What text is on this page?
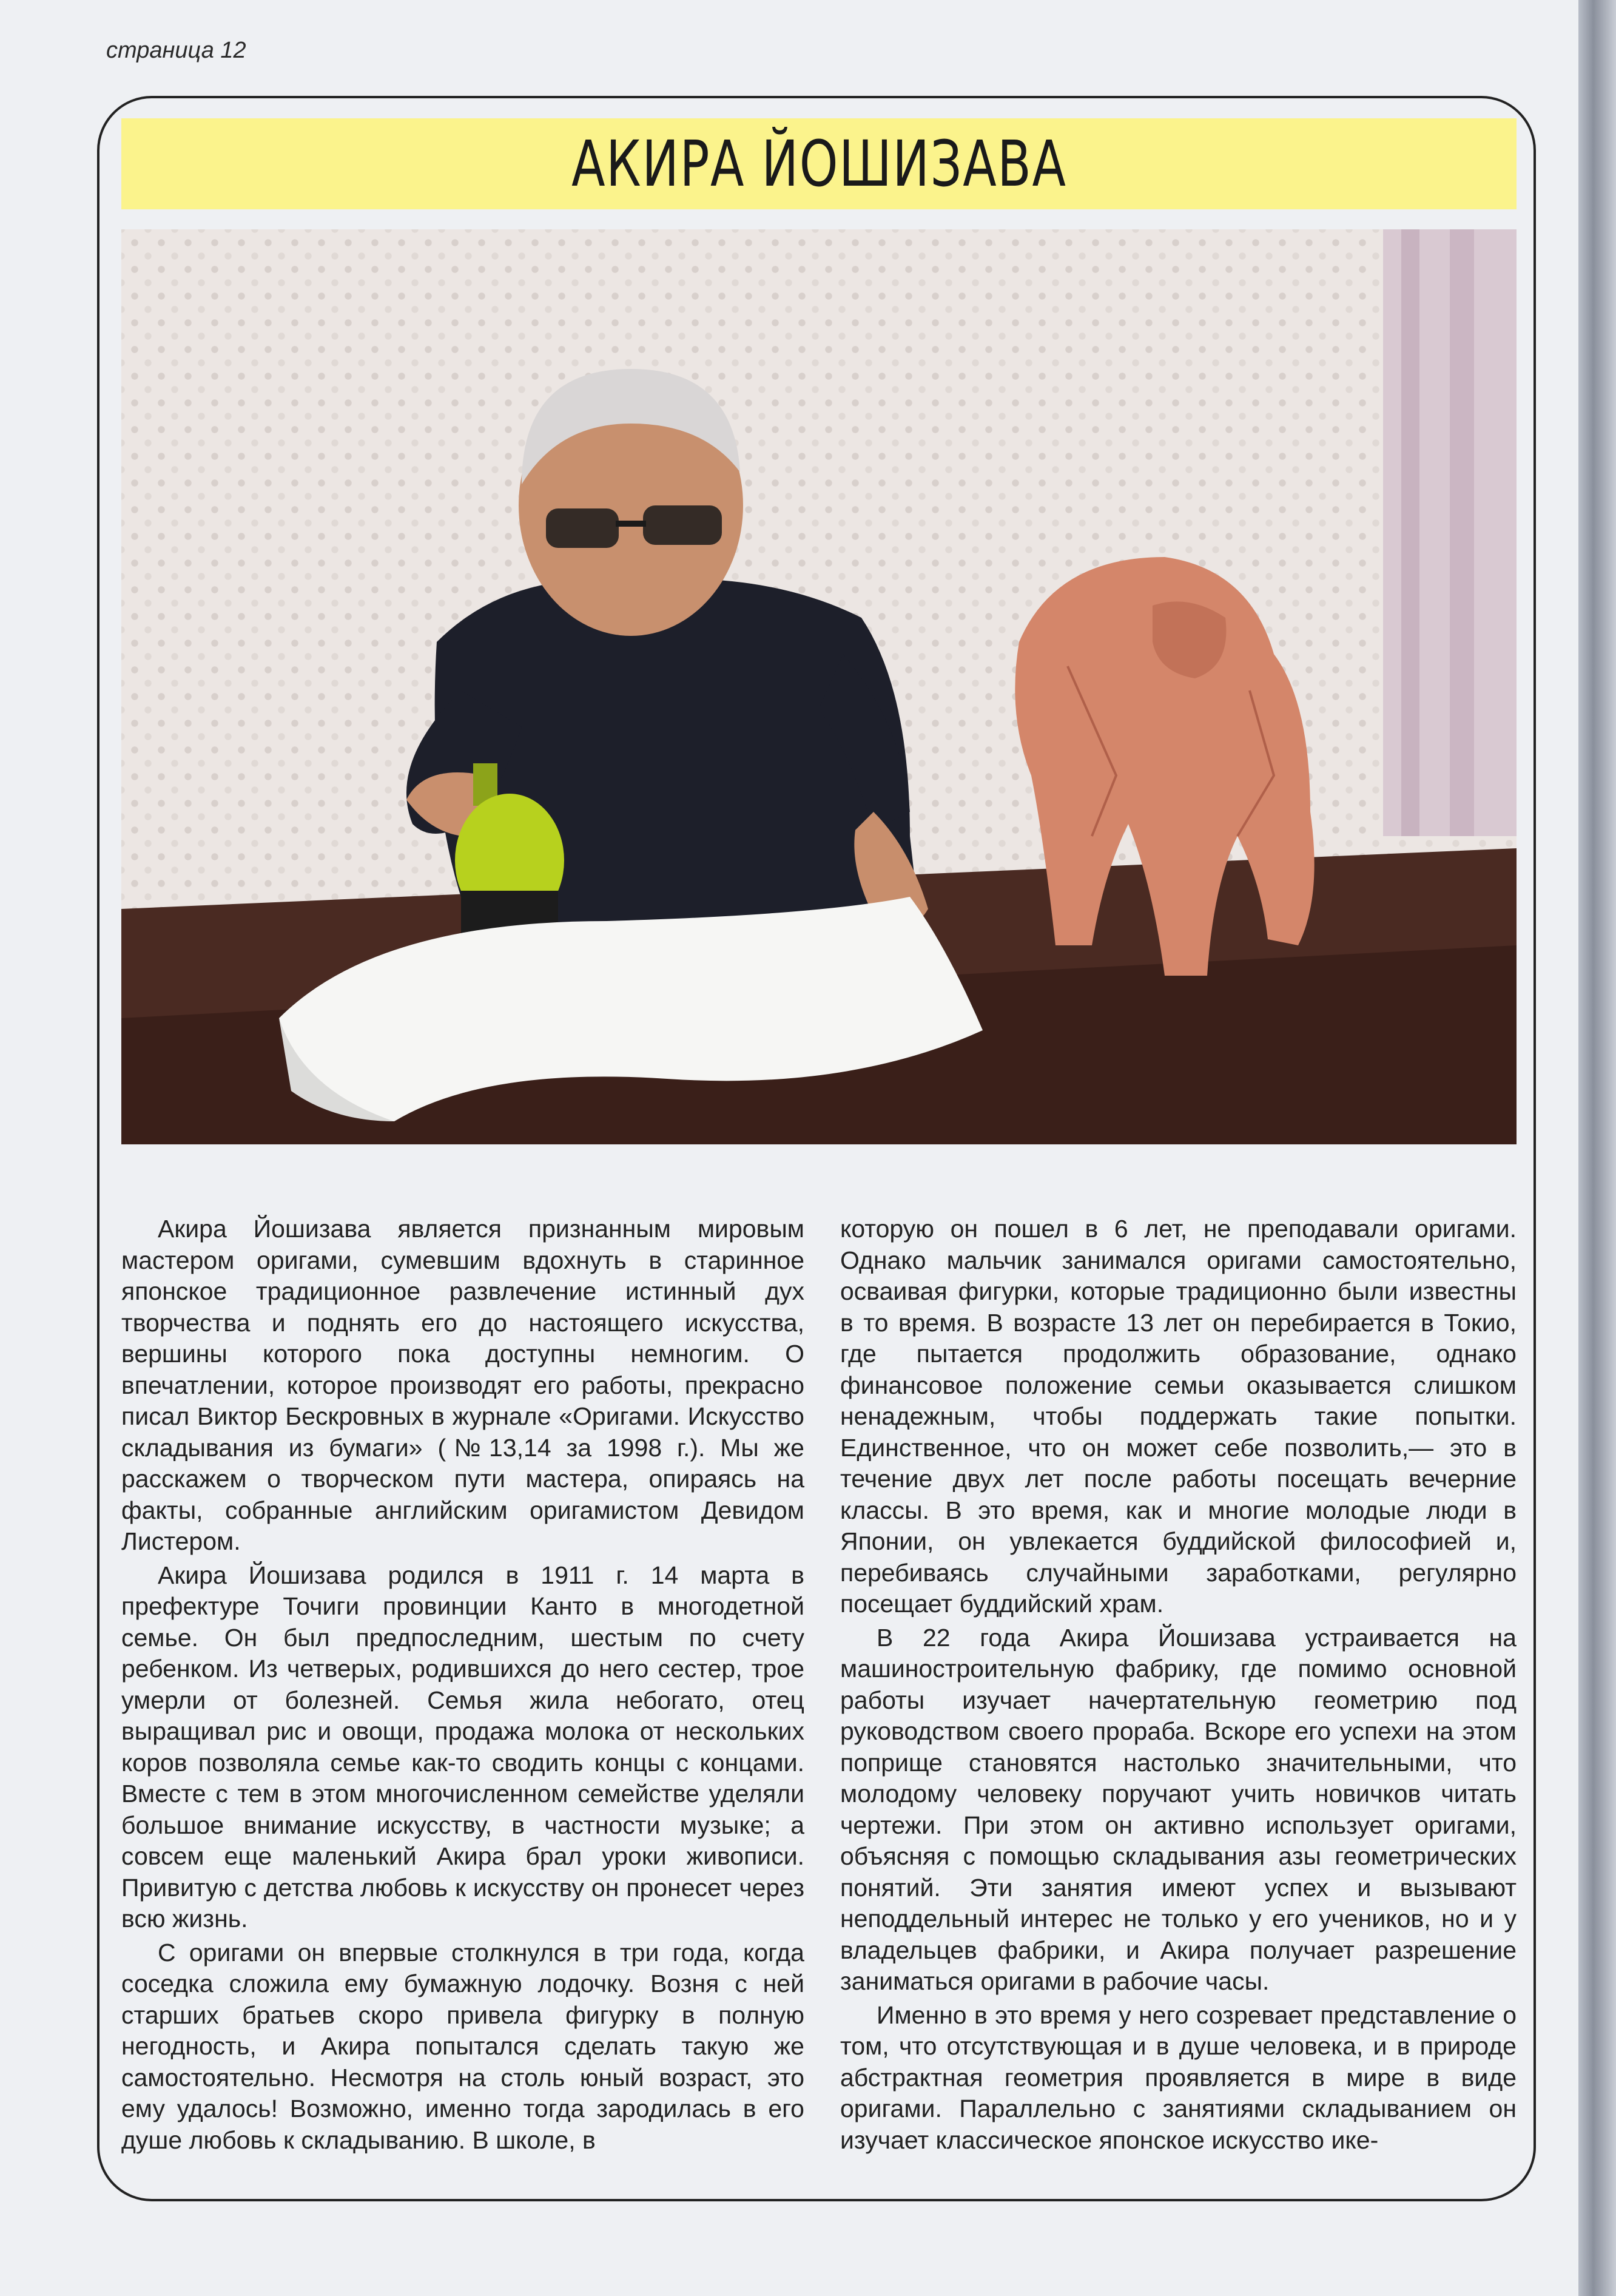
страница 12
АКИРА ЙОШИЗАВА

Акира Йошизава является признанным мировым мастером оригами, сумевшим вдохнуть в старинное японское традиционное развлечение истинный дух творчества и поднять его до настоящего искусства, вершины которого пока доступны немногим. О впечатлении, которое производят его работы, прекрасно писал Виктор Бескровных в журнале «Оригами. Искусство складывания из бумаги» (№13,14 за 1998 г.). Мы же расскажем о творческом пути мастера, опираясь на факты, собранные английским оригамистом Девидом Листером.

Акира Йошизава родился в 1911 г. 14 марта в префектуре Точиги провинции Канто в многодетной семье. Он был предпоследним, шестым по счету ребенком. Из четверых, родившихся до него сестер, трое умерли от болезней. Семья жила небогато, отец выращивал рис и овощи, продажа молока от нескольких коров позволяла семье как-то сводить концы с концами. Вместе с тем в этом многочисленном семействе уделяли большое внимание искусству, в частности музыке; а совсем еще маленький Акира брал уроки живописи. Привитую с детства любовь к искусству он пронесет через всю жизнь.

С оригами он впервые столкнулся в три года, когда соседка сложила ему бумажную лодочку. Возня с ней старших братьев скоро привела фигурку в полную негодность, и Акира попытался сделать такую же самостоятельно. Несмотря на столь юный возраст, это ему удалось! Возможно, именно тогда зародилась в его душе любовь к складыванию. В школе, в

которую он пошел в 6 лет, не преподавали оригами. Однако мальчик занимался оригами самостоятельно, осваивая фигурки, которые традиционно были известны в то время. В возрасте 13 лет он перебирается в Токио, где пытается продолжить образование, однако финансовое положение семьи оказывается слишком ненадежным, чтобы поддержать такие попытки. Единственное, что он может себе позволить,— это в течение двух лет после работы посещать вечерние классы. В это время, как и многие молодые люди в Японии, он увлекается буддийской философией и, перебиваясь случайными заработками, регулярно посещает буддийский храм.

В 22 года Акира Йошизава устраивается на машиностроительную фабрику, где помимо основной работы изучает начертательную геометрию под руководством своего прораба. Вскоре его успехи на этом поприще становятся настолько значительными, что молодому человеку поручают учить новичков читать чертежи. При этом он активно использует оригами, объясняя с помощью складывания азы геометрических понятий. Эти занятия имеют успех и вызывают неподдельный интерес не только у его учеников, но и у владельцев фабрики, и Акира получает разрешение заниматься оригами в рабочие часы.

Именно в это время у него созревает представление о том, что отсутствующая и в душе человека, и в природе абстрактная геометрия проявляется в мире в виде оригами. Параллельно с занятиями складыванием он изучает классическое японское искусство ике-
